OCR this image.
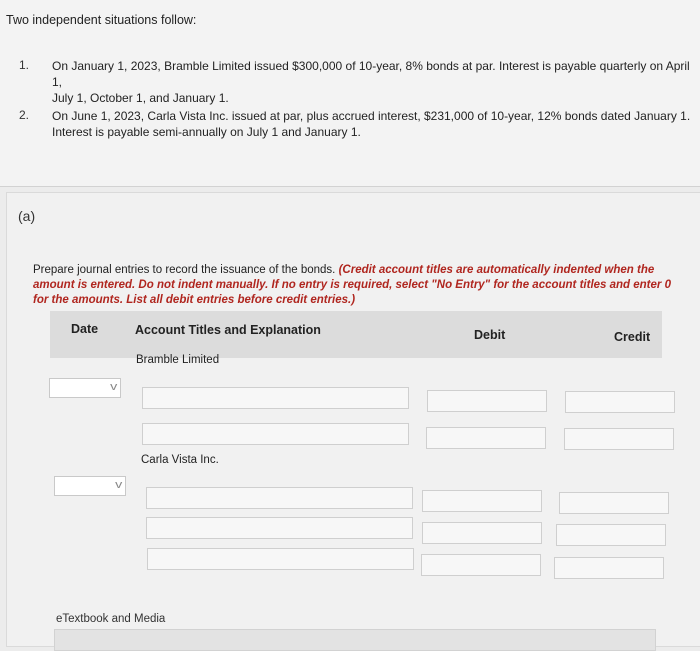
Two independent situations follow:
1. On January 1, 2023, Bramble Limited issued $300,000 of 10-year, 8% bonds at par. Interest is payable quarterly on April 1,
July 1, October 1, and January 1.
2. On June 1, 2023, Carla Vista Inc. issued at par, plus accrued interest, $231,000 of 10-year, 12% bonds dated January 1.
Interest is payable semi-annually on July 1 and January 1.
(a)
Prepare journal entries to record the issuance of the bonds. (Credit account titles are automatically indented when the amount is entered. Do not indent manually. If no entry is required, select "No Entry" for the account titles and enter 0 for the amounts. List all debit entries before credit entries.)
Date	Account Titles and Explanation	Debit	Credit
Bramble Limited
v
Carla Vista Inc.
v
eTextbook and Media
